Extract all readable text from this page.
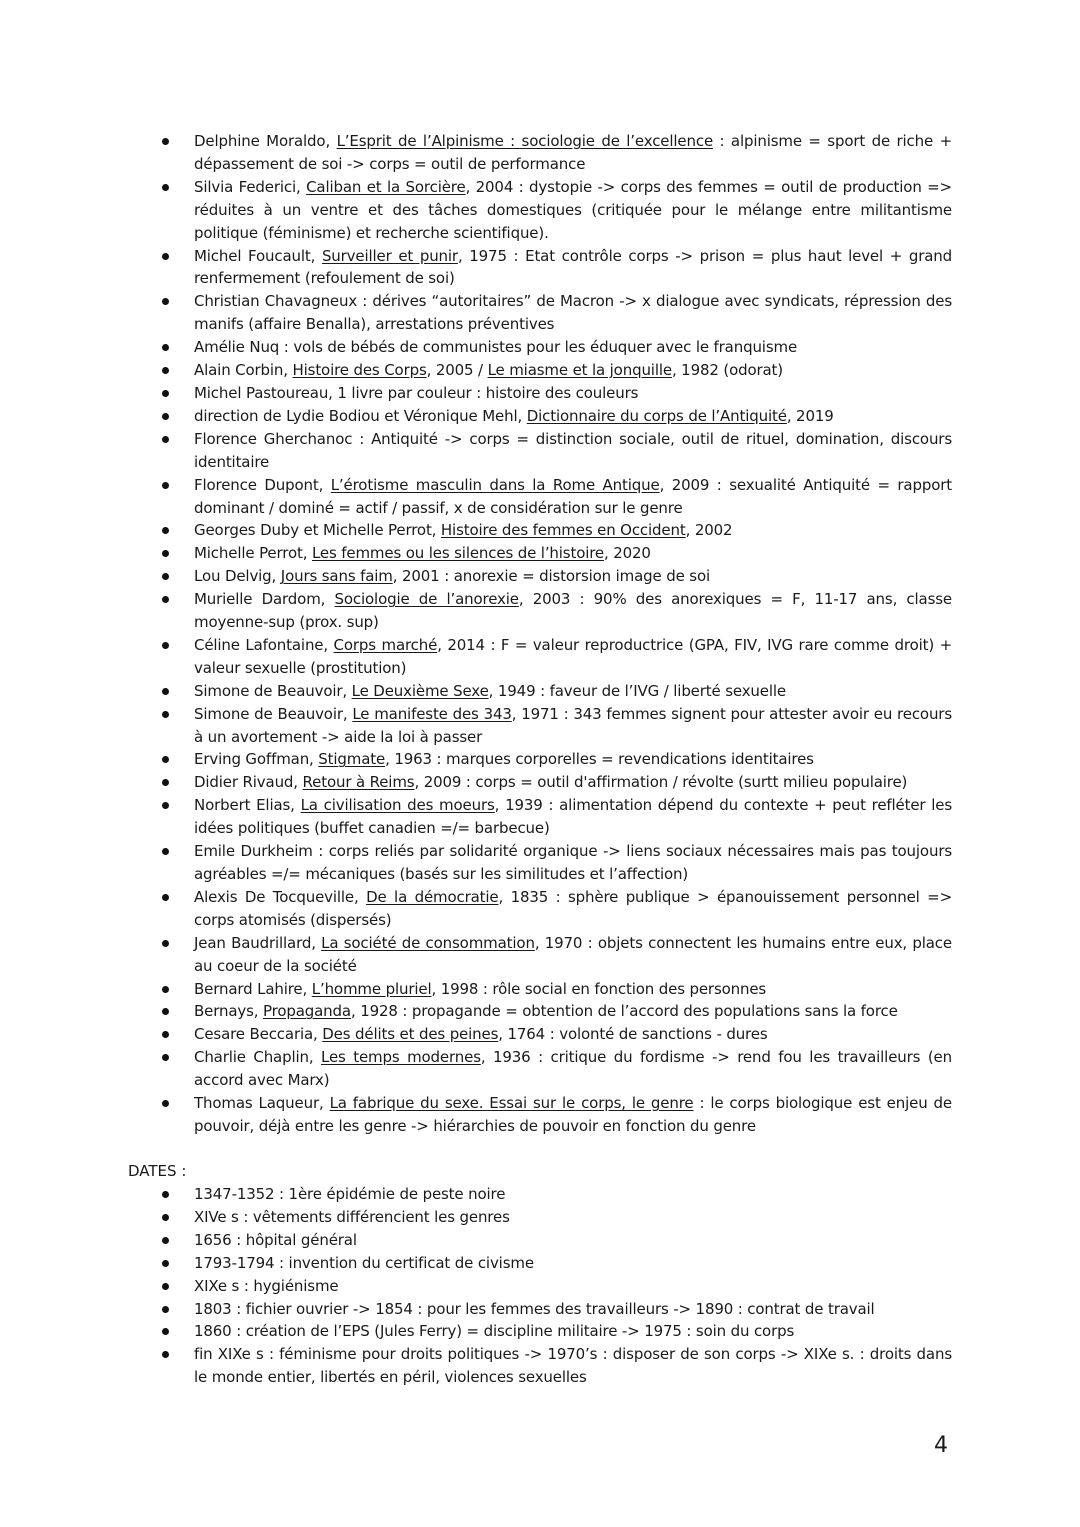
Delphine Moraldo, L’Esprit de l’Alpinisme : sociologie de l’excellence : alpinisme = sport de riche + dépassement de soi -> corps = outil de performance
Silvia Federici, Caliban et la Sorcière, 2004 : dystopie -> corps des femmes = outil de production => réduites à un ventre et des tâches domestiques (critiquée pour le mélange entre militantisme politique (féminisme) et recherche scientifique).
Michel Foucault, Surveiller et punir, 1975 : Etat contrôle corps -> prison = plus haut level + grand renfermement (refoulement de soi)
Christian Chavagneux : dérives “autoritaires” de Macron -> x dialogue avec syndicats, répression des manifs (affaire Benalla), arrestations préventives
Amélie Nuq : vols de bébés de communistes pour les éduquer avec le franquisme
Alain Corbin, Histoire des Corps, 2005 / Le miasme et la jonquille, 1982 (odorat)
Michel Pastoureau, 1 livre par couleur : histoire des couleurs
direction de Lydie Bodiou et Véronique Mehl, Dictionnaire du corps de l’Antiquité, 2019
Florence Gherchanoc : Antiquité -> corps = distinction sociale, outil de rituel, domination, discours identitaire
Florence Dupont, L’érotisme masculin dans la Rome Antique, 2009 : sexualité Antiquité = rapport dominant / dominé = actif / passif, x de considération sur le genre
Georges Duby et Michelle Perrot, Histoire des femmes en Occident, 2002
Michelle Perrot, Les femmes ou les silences de l’histoire, 2020
Lou Delvig, Jours sans faim, 2001 : anorexie = distorsion image de soi
Murielle Dardom, Sociologie de l’anorexie, 2003 : 90% des anorexiques = F, 11-17 ans, classe moyenne-sup (prox. sup)
Céline Lafontaine, Corps marché, 2014 : F = valeur reproductrice (GPA, FIV, IVG rare comme droit) + valeur sexuelle (prostitution)
Simone de Beauvoir, Le Deuxième Sexe, 1949 : faveur de l’IVG / liberté sexuelle
Simone de Beauvoir, Le manifeste des 343, 1971 : 343 femmes signent pour attester avoir eu recours à un avortement -> aide la loi à passer
Erving Goffman, Stigmate, 1963 : marques corporelles = revendications identitaires
Didier Rivaud, Retour à Reims, 2009 : corps = outil d'affirmation / révolte (surtt milieu populaire)
Norbert Elias, La civilisation des moeurs, 1939 : alimentation dépend du contexte + peut refléter les idées politiques (buffet canadien =/= barbecue)
Emile Durkheim : corps reliés par solidarité organique -> liens sociaux nécessaires mais pas toujours agréables =/= mécaniques (basés sur les similitudes et l’affection)
Alexis De Tocqueville, De la démocratie, 1835 : sphère publique > épanouissement personnel => corps atomisés (dispersés)
Jean Baudrillard, La société de consommation, 1970 : objets connectent les humains entre eux, place au coeur de la société
Bernard Lahire, L’homme pluriel, 1998 : rôle social en fonction des personnes
Bernays, Propaganda, 1928 : propagande = obtention de l’accord des populations sans la force
Cesare Beccaria, Des délits et des peines, 1764 : volonté de sanctions - dures
Charlie Chaplin, Les temps modernes, 1936 : critique du fordisme -> rend fou les travailleurs (en accord avec Marx)
Thomas Laqueur, La fabrique du sexe. Essai sur le corps, le genre : le corps biologique est enjeu de pouvoir, déjà entre les genre -> hiérarchies de pouvoir en fonction du genre
DATES :
1347-1352 : 1ère épidémie de peste noire
XIVe s : vêtements différencient les genres
1656 : hôpital général
1793-1794 : invention du certificat de civisme
XIXe s : hygiénisme
1803 : fichier ouvrier -> 1854 : pour les femmes des travailleurs -> 1890 : contrat de travail
1860 : création de l’EPS (Jules Ferry) = discipline militaire -> 1975 : soin du corps
fin XIXe s : féminisme pour droits politiques -> 1970’s : disposer de son corps -> XIXe s. : droits dans le monde entier, libertés en péril, violences sexuelles
4
